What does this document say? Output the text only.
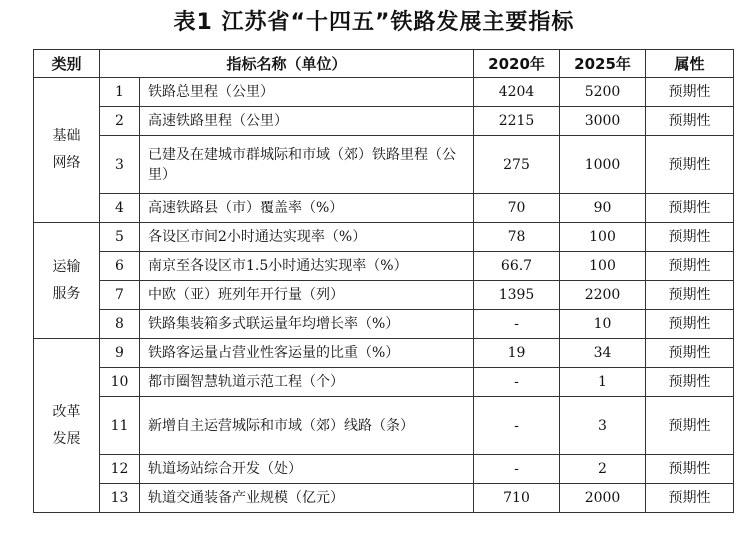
表1 江苏省“十四五”铁路发展主要指标
类别	指标名称（单位）		2020年	2025年	属性

基础
网络	1	铁路总里程（公里）	4204	5200	预期性
	2	高速铁路里程（公里）	2215	3000	预期性
	3	已建及在建城市群城际和市域（郊）铁路里程（公里）	275	1000	预期性
	4	高速铁路县（市）覆盖率（%）	70	90	预期性

运输
服务	5	各设区市间2小时通达实现率（%）	78	100	预期性
	6	南京至各设区市1.5小时通达实现率（%）	66.7	100	预期性
	7	中欧（亚）班列年开行量（列）	1395	2200	预期性
	8	铁路集装箱多式联运量年均增长率（%）	-	10	预期性

改革
发展	9	铁路客运量占营业性客运量的比重（%）	19	34	预期性
	10	都市圈智慧轨道示范工程（个）	-	1	预期性
	11	新增自主运营城际和市域（郊）线路（条）	-	3	预期性
	12	轨道场站综合开发（处）	-	2	预期性
	13	轨道交通装备产业规模（亿元）	710	2000	预期性
